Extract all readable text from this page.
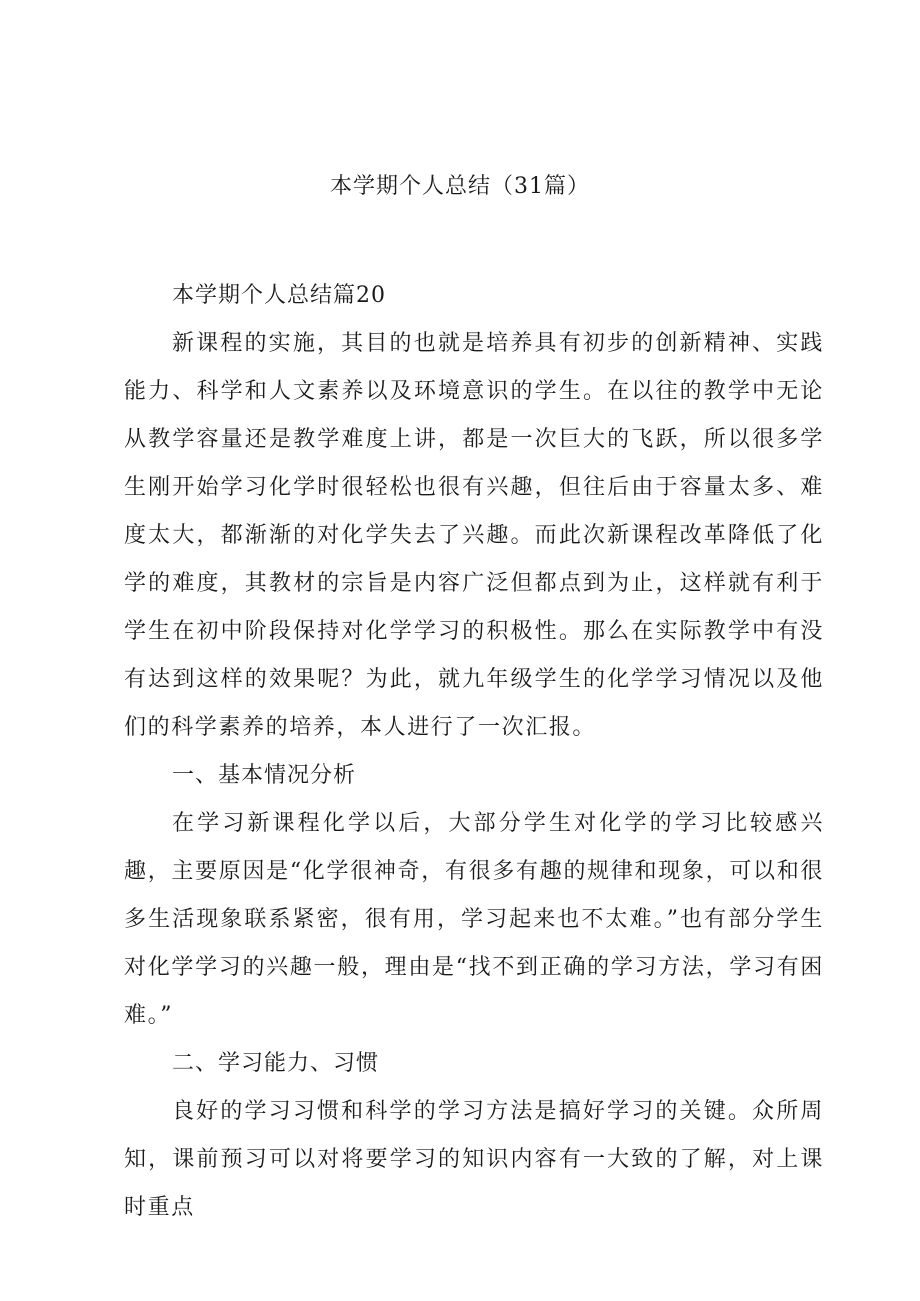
本学期个人总结（31篇）

本学期个人总结篇20

新课程的实施，其目的也就是培养具有初步的创新精神、实践能力、科学和人文素养以及环境意识的学生。在以往的教学中无论从教学容量还是教学难度上讲，都是一次巨大的飞跃，所以很多学生刚开始学习化学时很轻松也很有兴趣，但往后由于容量太多、难度太大，都渐渐的对化学失去了兴趣。而此次新课程改革降低了化学的难度，其教材的宗旨是内容广泛但都点到为止，这样就有利于学生在初中阶段保持对化学学习的积极性。那么在实际教学中有没有达到这样的效果呢？为此，就九年级学生的化学学习情况以及他们的科学素养的培养，本人进行了一次汇报。

一、基本情况分析

在学习新课程化学以后，大部分学生对化学的学习比较感兴趣，主要原因是“化学很神奇，有很多有趣的规律和现象，可以和很多生活现象联系紧密，很有用，学习起来也不太难。”也有部分学生对化学学习的兴趣一般，理由是“找不到正确的学习方法，学习有困难。”

二、学习能力、习惯

良好的学习习惯和科学的学习方法是搞好学习的关键。众所周知，课前预习可以对将要学习的知识内容有一大致的了解，对上课时重点
